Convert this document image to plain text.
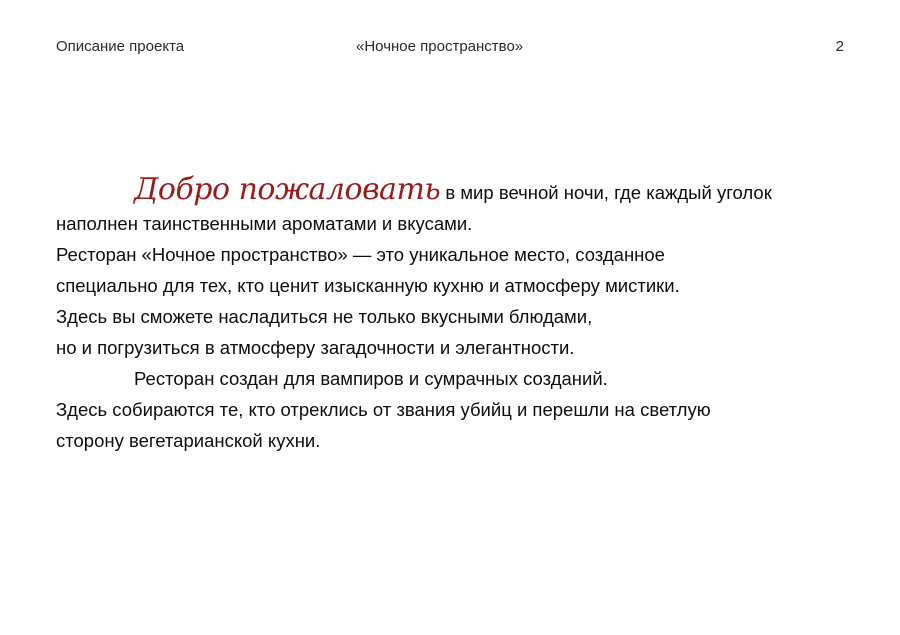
Описание проекта	«Ночное пространство»	2
Добро пожаловать в мир вечной ночи, где каждый уголок
наполнен таинственными ароматами и вкусами.
Ресторан «Ночное пространство» — это уникальное место, созданное
специально для тех, кто ценит изысканную кухню и атмосферу мистики.
Здесь вы сможете насладиться не только вкусными блюдами,
но и погрузиться в атмосферу загадочности и элегантности.
Ресторан создан для вампиров и сумрачных созданий.
Здесь собираются те, кто отреклись от звания убийц и перешли на светлую
сторону вегетарианской кухни.
